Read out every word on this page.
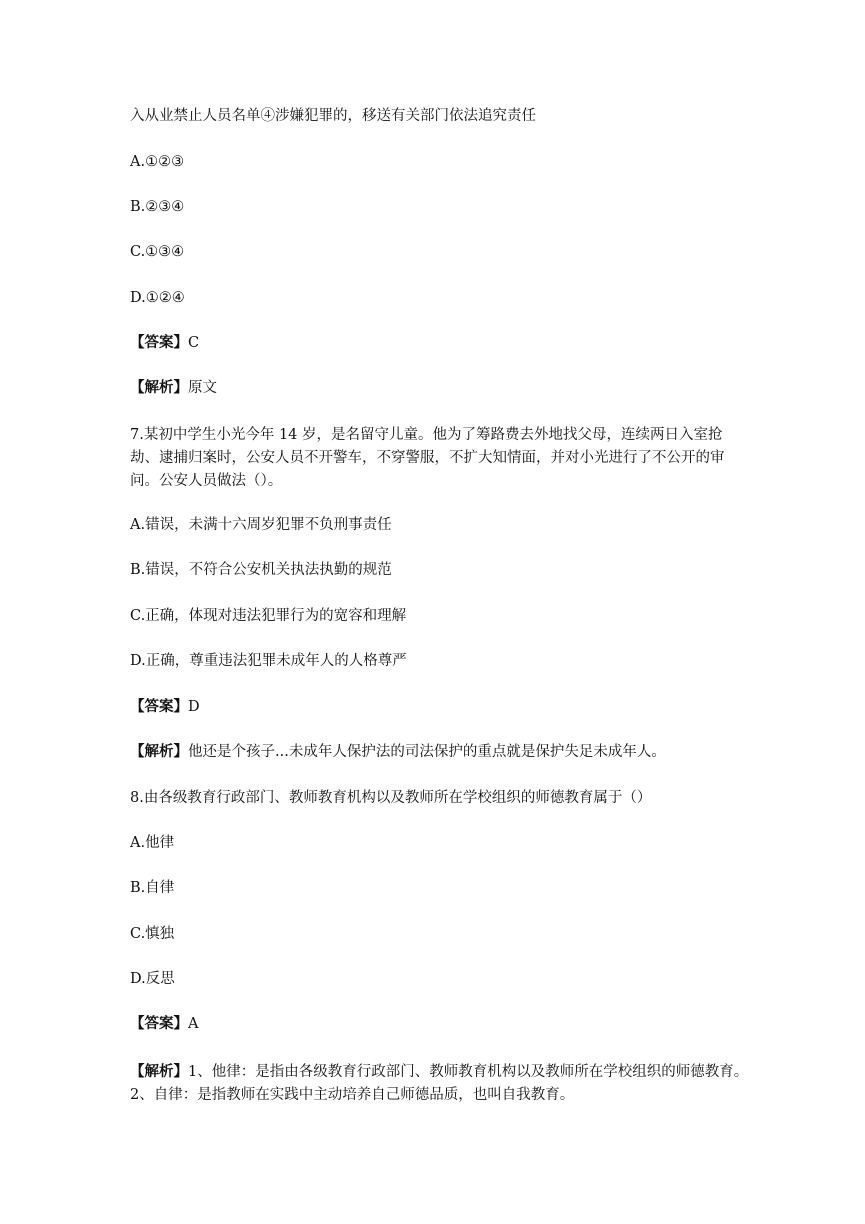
入从业禁止人员名单④涉嫌犯罪的，移送有关部门依法追究责任
A.①②③
B.②③④
C.①③④
D.①②④
【答案】C
【解析】原文
7.某初中学生小光今年 14 岁，是名留守儿童。他为了筹路费去外地找父母，连续两日入室抢劫、逮捕归案时，公安人员不开警车，不穿警服，不扩大知情面，并对小光进行了不公开的审问。公安人员做法（）。
A.错误，未满十六周岁犯罪不负刑事责任
B.错误，不符合公安机关执法执勤的规范
C.正确，体现对违法犯罪行为的宽容和理解
D.正确，尊重违法犯罪未成年人的人格尊严
【答案】D
【解析】他还是个孩子...未成年人保护法的司法保护的重点就是保护失足未成年人。
8.由各级教育行政部门、教师教育机构以及教师所在学校组织的师德教育属于（）
A.他律
B.自律
C.慎独
D.反思
【答案】A
【解析】1、他律：是指由各级教育行政部门、教师教育机构以及教师所在学校组织的师德教育。2、自律：是指教师在实践中主动培养自己师德品质，也叫自我教育。
